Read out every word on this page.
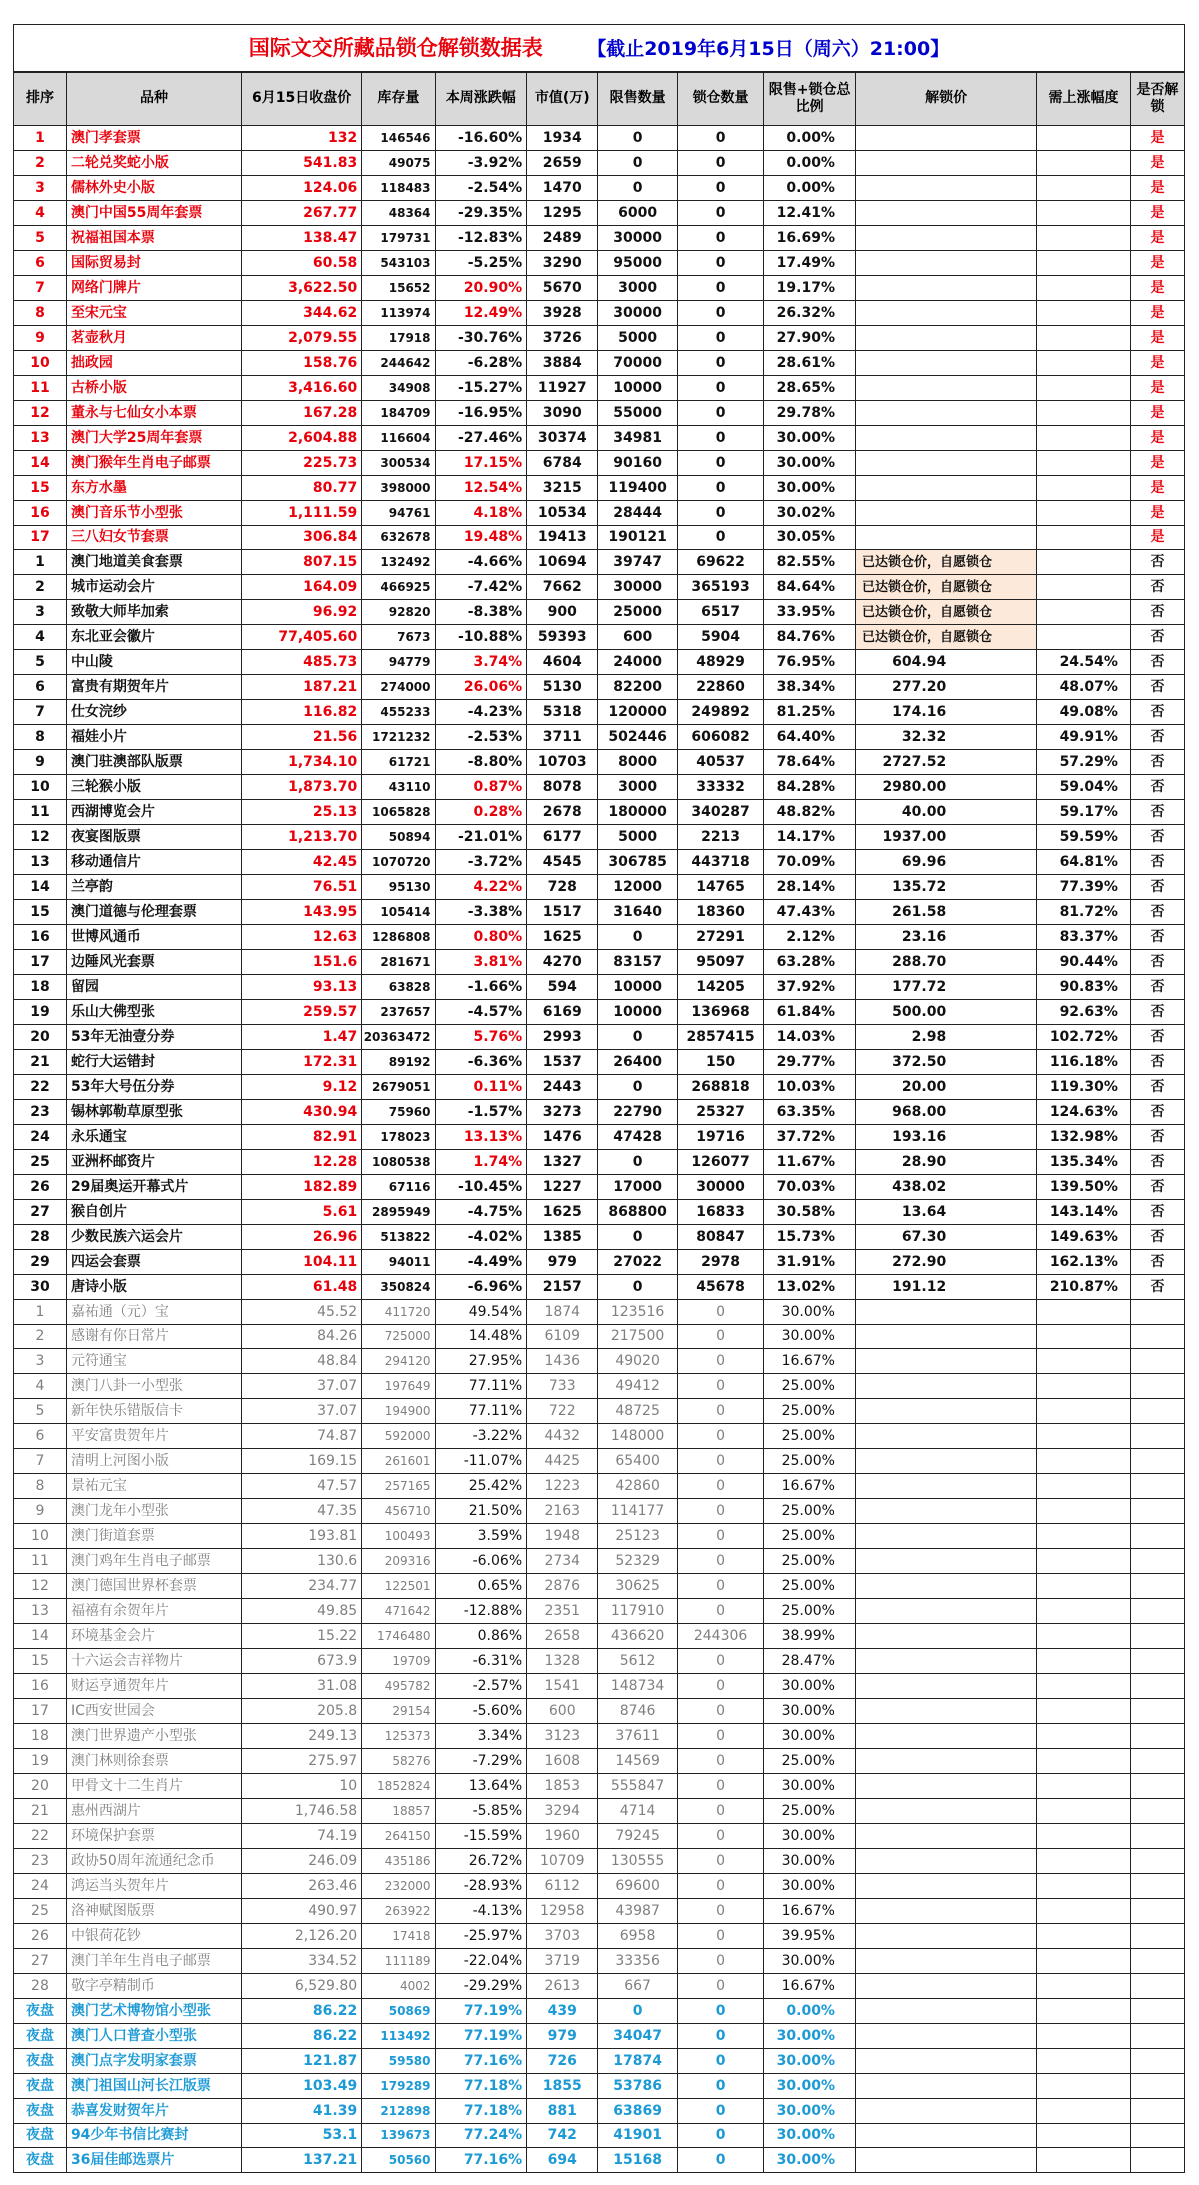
国际文交所藏品锁仓解锁数据表 【截止2019年6月15日（周六）21:00】											
排序	品种	6月15日收盘价	库存量	本周涨跌幅	市值(万)	限售数量	锁仓数量	限售+锁仓总比例	解锁价	需上涨幅度	是否解锁
1	澳门孝套票	132	146546	-16.60%	1934	0	0	0.00%			是
2	二轮兑奖蛇小版	541.83	49075	-3.92%	2659	0	0	0.00%			是
3	儒林外史小版	124.06	118483	-2.54%	1470	0	0	0.00%			是
4	澳门中国55周年套票	267.77	48364	-29.35%	1295	6000	0	12.41%			是
5	祝福祖国本票	138.47	179731	-12.83%	2489	30000	0	16.69%			是
6	国际贸易封	60.58	543103	-5.25%	3290	95000	0	17.49%			是
7	网络门牌片	3,622.50	15652	20.90%	5670	3000	0	19.17%			是
8	至宋元宝	344.62	113974	12.49%	3928	30000	0	26.32%			是
9	茗壶秋月	2,079.55	17918	-30.76%	3726	5000	0	27.90%			是
10	拙政园	158.76	244642	-6.28%	3884	70000	0	28.61%			是
11	古桥小版	3,416.60	34908	-15.27%	11927	10000	0	28.65%			是
12	董永与七仙女小本票	167.28	184709	-16.95%	3090	55000	0	29.78%			是
13	澳门大学25周年套票	2,604.88	116604	-27.46%	30374	34981	0	30.00%			是
14	澳门猴年生肖电子邮票	225.73	300534	17.15%	6784	90160	0	30.00%			是
15	东方水墨	80.77	398000	12.54%	3215	119400	0	30.00%			是
16	澳门音乐节小型张	1,111.59	94761	4.18%	10534	28444	0	30.02%			是
17	三八妇女节套票	306.84	632678	19.48%	19413	190121	0	30.05%			是
1	澳门地道美食套票	807.15	132492	-4.66%	10694	39747	69622	82.55%	已达锁仓价，自愿锁仓		否
2	城市运动会片	164.09	466925	-7.42%	7662	30000	365193	84.64%	已达锁仓价，自愿锁仓		否
3	致敬大师毕加索	96.92	92820	-8.38%	900	25000	6517	33.95%	已达锁仓价，自愿锁仓		否
4	东北亚会徽片	77,405.60	7673	-10.88%	59393	600	5904	84.76%	已达锁仓价，自愿锁仓		否
5	中山陵	485.73	94779	3.74%	4604	24000	48929	76.95%	604.94	24.54%	否
6	富贵有期贺年片	187.21	274000	26.06%	5130	82200	22860	38.34%	277.20	48.07%	否
7	仕女浣纱	116.82	455233	-4.23%	5318	120000	249892	81.25%	174.16	49.08%	否
8	福娃小片	21.56	1721232	-2.53%	3711	502446	606082	64.40%	32.32	49.91%	否
9	澳门驻澳部队版票	1,734.10	61721	-8.80%	10703	8000	40537	78.64%	2727.52	57.29%	否
10	三轮猴小版	1,873.70	43110	0.87%	8078	3000	33332	84.28%	2980.00	59.04%	否
11	西湖博览会片	25.13	1065828	0.28%	2678	180000	340287	48.82%	40.00	59.17%	否
12	夜宴图版票	1,213.70	50894	-21.01%	6177	5000	2213	14.17%	1937.00	59.59%	否
13	移动通信片	42.45	1070720	-3.72%	4545	306785	443718	70.09%	69.96	64.81%	否
14	兰亭韵	76.51	95130	4.22%	728	12000	14765	28.14%	135.72	77.39%	否
15	澳门道德与伦理套票	143.95	105414	-3.38%	1517	31640	18360	47.43%	261.58	81.72%	否
16	世博风通币	12.63	1286808	0.80%	1625	0	27291	2.12%	23.16	83.37%	否
17	边陲风光套票	151.6	281671	3.81%	4270	83157	95097	63.28%	288.70	90.44%	否
18	留园	93.13	63828	-1.66%	594	10000	14205	37.92%	177.72	90.83%	否
19	乐山大佛型张	259.57	237657	-4.57%	6169	10000	136968	61.84%	500.00	92.63%	否
20	53年无油壹分券	1.47	20363472	5.76%	2993	0	2857415	14.03%	2.98	102.72%	否
21	蛇行大运错封	172.31	89192	-6.36%	1537	26400	150	29.77%	372.50	116.18%	否
22	53年大号伍分券	9.12	2679051	0.11%	2443	0	268818	10.03%	20.00	119.30%	否
23	锡林郭勒草原型张	430.94	75960	-1.57%	3273	22790	25327	63.35%	968.00	124.63%	否
24	永乐通宝	82.91	178023	13.13%	1476	47428	19716	37.72%	193.16	132.98%	否
25	亚洲杯邮资片	12.28	1080538	1.74%	1327	0	126077	11.67%	28.90	135.34%	否
26	29届奥运开幕式片	182.89	67116	-10.45%	1227	17000	30000	70.03%	438.02	139.50%	否
27	猴自创片	5.61	2895949	-4.75%	1625	868800	16833	30.58%	13.64	143.14%	否
28	少数民族六运会片	26.96	513822	-4.02%	1385	0	80847	15.73%	67.30	149.63%	否
29	四运会套票	104.11	94011	-4.49%	979	27022	2978	31.91%	272.90	162.13%	否
30	唐诗小版	61.48	350824	-6.96%	2157	0	45678	13.02%	191.12	210.87%	否
1	嘉祐通（元）宝	45.52	411720	49.54%	1874	123516	0	30.00%			
2	感谢有你日常片	84.26	725000	14.48%	6109	217500	0	30.00%			
3	元符通宝	48.84	294120	27.95%	1436	49020	0	16.67%			
4	澳门八卦一小型张	37.07	197649	77.11%	733	49412	0	25.00%			
5	新年快乐错版信卡	37.07	194900	77.11%	722	48725	0	25.00%			
6	平安富贵贺年片	74.87	592000	-3.22%	4432	148000	0	25.00%			
7	清明上河图小版	169.15	261601	-11.07%	4425	65400	0	25.00%			
8	景祐元宝	47.57	257165	25.42%	1223	42860	0	16.67%			
9	澳门龙年小型张	47.35	456710	21.50%	2163	114177	0	25.00%			
10	澳门街道套票	193.81	100493	3.59%	1948	25123	0	25.00%			
11	澳门鸡年生肖电子邮票	130.6	209316	-6.06%	2734	52329	0	25.00%			
12	澳门德国世界杯套票	234.77	122501	0.65%	2876	30625	0	25.00%			
13	福禧有余贺年片	49.85	471642	-12.88%	2351	117910	0	25.00%			
14	环境基金会片	15.22	1746480	0.86%	2658	436620	244306	38.99%			
15	十六运会吉祥物片	673.9	19709	-6.31%	1328	5612	0	28.47%			
16	财运亨通贺年片	31.08	495782	-2.57%	1541	148734	0	30.00%			
17	IC西安世园会	205.8	29154	-5.60%	600	8746	0	30.00%			
18	澳门世界遗产小型张	249.13	125373	3.34%	3123	37611	0	30.00%			
19	澳门林则徐套票	275.97	58276	-7.29%	1608	14569	0	25.00%			
20	甲骨文十二生肖片	10	1852824	13.64%	1853	555847	0	30.00%			
21	惠州西湖片	1,746.58	18857	-5.85%	3294	4714	0	25.00%			
22	环境保护套票	74.19	264150	-15.59%	1960	79245	0	30.00%			
23	政协50周年流通纪念币	246.09	435186	26.72%	10709	130555	0	30.00%			
24	鸿运当头贺年片	263.46	232000	-28.93%	6112	69600	0	30.00%			
25	洛神赋图版票	490.97	263922	-4.13%	12958	43987	0	16.67%			
26	中银荷花钞	2,126.20	17418	-25.97%	3703	6958	0	39.95%			
27	澳门羊年生肖电子邮票	334.52	111189	-22.04%	3719	33356	0	30.00%			
28	敬字亭精制币	6,529.80	4002	-29.29%	2613	667	0	16.67%			
夜盘	澳门艺术博物馆小型张	86.22	50869	77.19%	439	0	0	0.00%			
夜盘	澳门人口普查小型张	86.22	113492	77.19%	979	34047	0	30.00%			
夜盘	澳门点字发明家套票	121.87	59580	77.16%	726	17874	0	30.00%			
夜盘	澳门祖国山河长江版票	103.49	179289	77.18%	1855	53786	0	30.00%			
夜盘	恭喜发财贺年片	41.39	212898	77.18%	881	63869	0	30.00%			
夜盘	94少年书信比赛封	53.1	139673	77.24%	742	41901	0	30.00%			
夜盘	36届佳邮选票片	137.21	50560	77.16%	694	15168	0	30.00%			
